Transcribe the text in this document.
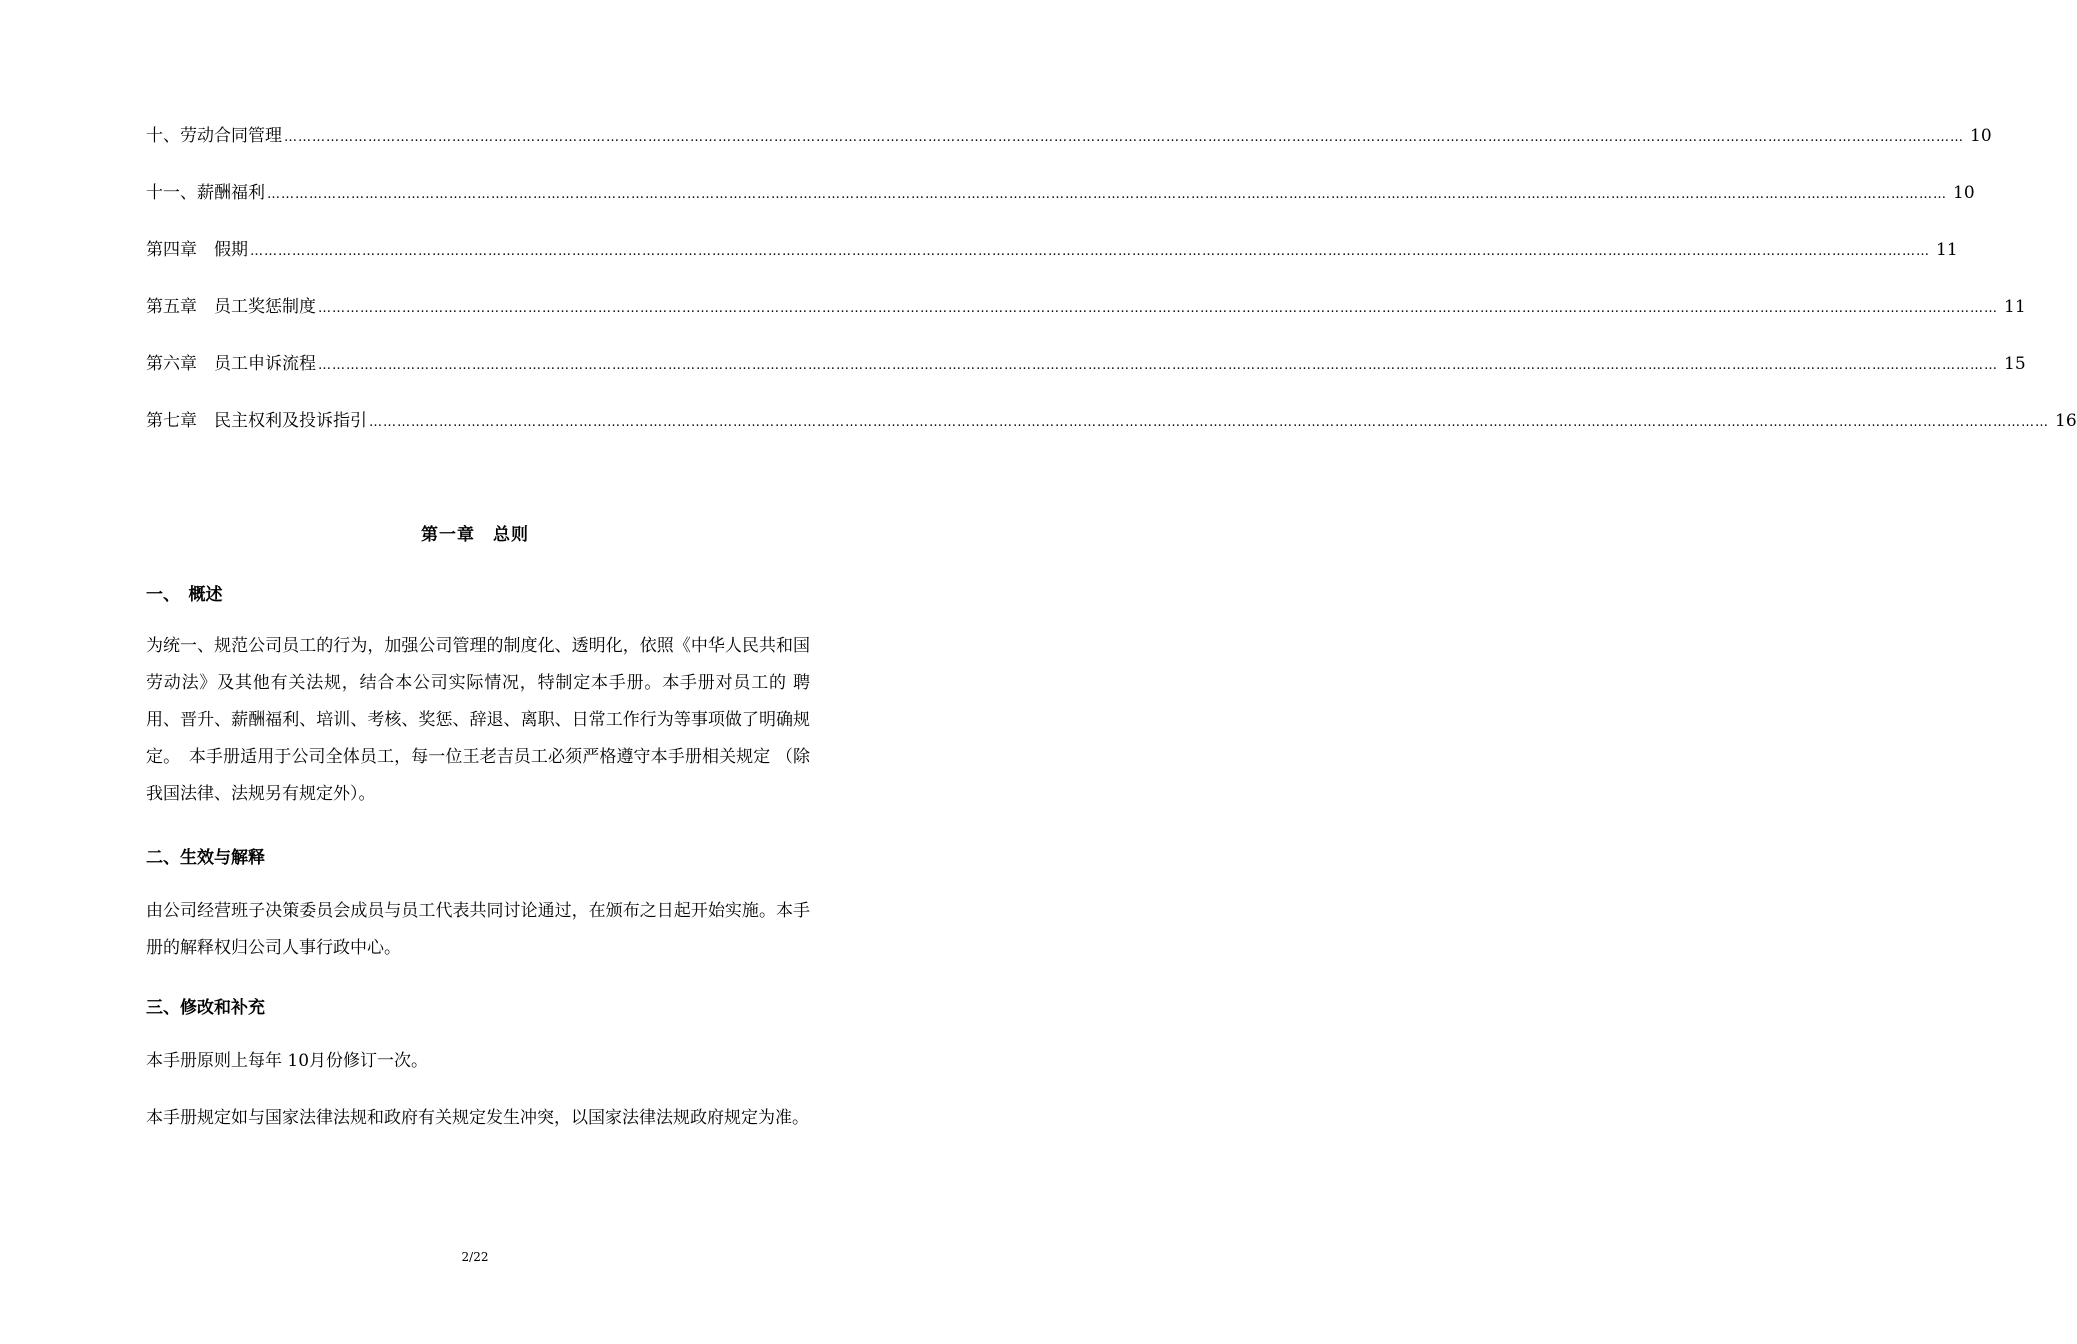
十、劳动合同管理 ……………………………………………………………………………………………………………………………………………………………………………………………………………………………………………………………………………………………………………………………… 10
十一、薪酬福利 ……………………………………………………………………………………………………………………………………………………………………………………………………………………………………………………………………………………………………………………………… 10
第四章　假期 ……………………………………………………………………………………………………………………………………………………………………………………………………………………………………………………………………………………………………………………………… 11
第五章　员工奖惩制度 ……………………………………………………………………………………………………………………………………………………………………………………………………………………………………………………………………………………………………………………………… 11
第六章　员工申诉流程 ……………………………………………………………………………………………………………………………………………………………………………………………………………………………………………………………………………………………………………………………… 15
第七章　民主权利及投诉指引 ……………………………………………………………………………………………………………………………………………………………………………………………………………………………………………………………………………………………………………………………… 16
第一章　总则
一、　概述
为统一、规范公司员工的行为，加强公司管理的制度化、透明化，依照《中华人民共和国劳动法》及其他有关法规，结合本公司实际情况，特制定本手册。本手册对员工的 聘用、晋升、薪酬福利、培训、考核、奖惩、辞退、离职、日常工作行为等事项做了明确规定。　本手册适用于公司全体员工，每一位王老吉员工必须严格遵守本手册相关规定 （除我国法律、法规另有规定外）。
二、生效与解释
由公司经营班子决策委员会成员与员工代表共同讨论通过，在颁布之日起开始实施。本手册的解释权归公司人事行政中心。
三、修改和补充
本手册原则上每年 10月份修订一次。
本手册规定如与国家法律法规和政府有关规定发生冲突，以国家法律法规政府规定为准。
2/22
